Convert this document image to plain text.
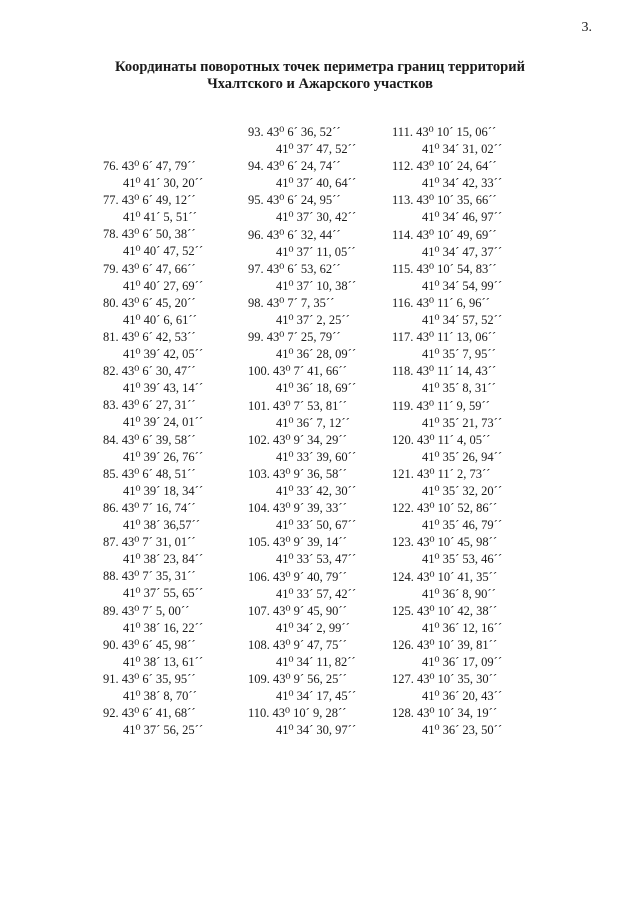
3.
Координаты поворотных точек периметра границ территорий
Чхалтского и Ажарского участков
76. 43⁰ 6ˊ 47, 79ˊˊ
41⁰ 41ˊ 30, 20ˊˊ
77. 43⁰ 6ˊ 49, 12ˊˊ
41⁰ 41ˊ 5, 51ˊˊ
78. 43⁰ 6ˊ 50, 38ˊˊ
41⁰ 40ˊ 47, 52ˊˊ
79. 43⁰ 6ˊ 47, 66ˊˊ
41⁰ 40ˊ 27, 69ˊˊ
80. 43⁰ 6ˊ 45, 20ˊˊ
41⁰ 40ˊ 6, 61ˊˊ
81. 43⁰ 6ˊ 42, 53ˊˊ
41⁰ 39ˊ 42, 05ˊˊ
82. 43⁰ 6ˊ 30, 47ˊˊ
41⁰ 39ˊ 43, 14ˊˊ
83. 43⁰ 6ˊ 27, 31ˊˊ
41⁰ 39ˊ 24, 01ˊˊ
84. 43⁰ 6ˊ 39, 58ˊˊ
41⁰ 39ˊ 26, 76ˊˊ
85. 43⁰ 6ˊ 48, 51ˊˊ
41⁰ 39ˊ 18, 34ˊˊ
86. 43⁰ 7ˊ 16, 74ˊˊ
41⁰ 38ˊ 36,57ˊˊ
87. 43⁰ 7ˊ 31, 01ˊˊ
41⁰ 38ˊ 23, 84ˊˊ
88. 43⁰ 7ˊ 35, 31ˊˊ
41⁰ 37ˊ 55, 65ˊˊ
89. 43⁰ 7ˊ 5, 00ˊˊ
41⁰ 38ˊ 16, 22ˊˊ
90. 43⁰ 6ˊ 45, 98ˊˊ
41⁰ 38ˊ 13, 61ˊˊ
91. 43⁰ 6ˊ 35, 95ˊˊ
41⁰ 38ˊ 8, 70ˊˊ
92. 43⁰ 6ˊ 41, 68ˊˊ
41⁰ 37ˊ 56, 25ˊˊ
93. 43⁰ 6ˊ 36, 52ˊˊ
41⁰ 37ˊ 47, 52ˊˊ
94. 43⁰ 6ˊ 24, 74ˊˊ
41⁰ 37ˊ 40, 64ˊˊ
95. 43⁰ 6ˊ 24, 95ˊˊ
41⁰ 37ˊ 30, 42ˊˊ
96. 43⁰ 6ˊ 32, 44ˊˊ
41⁰ 37ˊ 11, 05ˊˊ
97. 43⁰ 6ˊ 53, 62ˊˊ
41⁰ 37ˊ 10, 38ˊˊ
98. 43⁰ 7ˊ 7, 35ˊˊ
41⁰ 37ˊ 2, 25ˊˊ
99. 43⁰ 7ˊ 25, 79ˊˊ
41⁰ 36ˊ 28, 09ˊˊ
100. 43⁰ 7ˊ 41, 66ˊˊ
41⁰ 36ˊ 18, 69ˊˊ
101. 43⁰ 7ˊ 53, 81ˊˊ
41⁰ 36ˊ 7, 12ˊˊ
102. 43⁰ 9ˊ 34, 29ˊˊ
41⁰ 33ˊ 39, 60ˊˊ
103. 43⁰ 9ˊ 36, 58ˊˊ
41⁰ 33ˊ 42, 30ˊˊ
104. 43⁰ 9ˊ 39, 33ˊˊ
41⁰ 33ˊ 50, 67ˊˊ
105. 43⁰ 9ˊ 39, 14ˊˊ
41⁰ 33ˊ 53, 47ˊˊ
106. 43⁰ 9ˊ 40, 79ˊˊ
41⁰ 33ˊ 57, 42ˊˊ
107. 43⁰ 9ˊ 45, 90ˊˊ
41⁰ 34ˊ 2, 99ˊˊ
108. 43⁰ 9ˊ 47, 75ˊˊ
41⁰ 34ˊ 11, 82ˊˊ
109. 43⁰ 9ˊ 56, 25ˊˊ
41⁰ 34ˊ 17, 45ˊˊ
110. 43⁰ 10ˊ 9, 28ˊˊ
41⁰ 34ˊ 30, 97ˊˊ
111. 43⁰ 10ˊ 15, 06ˊˊ
41⁰ 34ˊ 31, 02ˊˊ
112. 43⁰ 10ˊ 24, 64ˊˊ
41⁰ 34ˊ 42, 33ˊˊ
113. 43⁰ 10ˊ 35, 66ˊˊ
41⁰ 34ˊ 46, 97ˊˊ
114. 43⁰ 10ˊ 49, 69ˊˊ
41⁰ 34ˊ 47, 37ˊˊ
115. 43⁰ 10ˊ 54, 83ˊˊ
41⁰ 34ˊ 54, 99ˊˊ
116. 43⁰ 11ˊ 6, 96ˊˊ
41⁰ 34ˊ 57, 52ˊˊ
117. 43⁰ 11ˊ 13, 06ˊˊ
41⁰ 35ˊ 7, 95ˊˊ
118. 43⁰ 11ˊ 14, 43ˊˊ
41⁰ 35ˊ 8, 31ˊˊ
119. 43⁰ 11ˊ 9, 59ˊˊ
41⁰ 35ˊ 21, 73ˊˊ
120. 43⁰ 11ˊ 4, 05ˊˊ
41⁰ 35ˊ 26, 94ˊˊ
121. 43⁰ 11ˊ 2, 73ˊˊ
41⁰ 35ˊ 32, 20ˊˊ
122. 43⁰ 10ˊ 52, 86ˊˊ
41⁰ 35ˊ 46, 79ˊˊ
123. 43⁰ 10ˊ 45, 98ˊˊ
41⁰ 35ˊ 53, 46ˊˊ
124. 43⁰ 10ˊ 41, 35ˊˊ
41⁰ 36ˊ 8, 90ˊˊ
125. 43⁰ 10ˊ 42, 38ˊˊ
41⁰ 36ˊ 12, 16ˊˊ
126. 43⁰ 10ˊ 39, 81ˊˊ
41⁰ 36ˊ 17, 09ˊˊ
127. 43⁰ 10ˊ 35, 30ˊˊ
41⁰ 36ˊ 20, 43ˊˊ
128. 43⁰ 10ˊ 34, 19ˊˊ
41⁰ 36ˊ 23, 50ˊˊ
